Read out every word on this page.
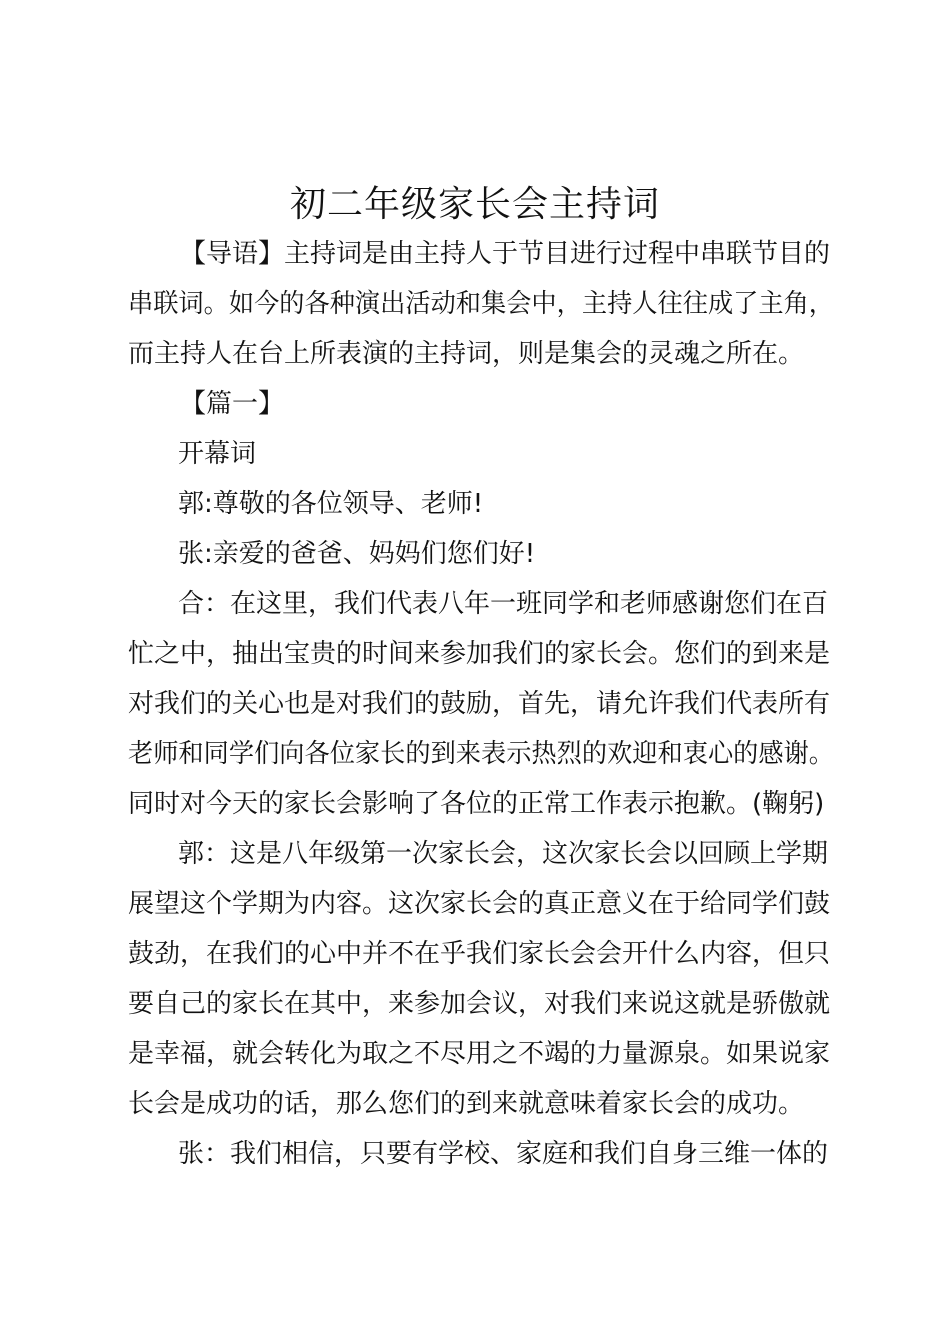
初二年级家长会主持词
【导语】主持词是由主持人于节目进行过程中串联节目的
串联词。如今的各种演出活动和集会中，主持人往往成了主角，
而主持人在台上所表演的主持词，则是集会的灵魂之所在。
【篇一】
开幕词
郭:尊敬的各位领导、老师!
张:亲爱的爸爸、妈妈们您们好!
合：在这里，我们代表八年一班同学和老师感谢您们在百
忙之中，抽出宝贵的时间来参加我们的家长会。您们的到来是
对我们的关心也是对我们的鼓励，首先，请允许我们代表所有
老师和同学们向各位家长的到来表示热烈的欢迎和衷心的感谢。
同时对今天的家长会影响了各位的正常工作表示抱歉。(鞠躬)
郭：这是八年级第一次家长会，这次家长会以回顾上学期
展望这个学期为内容。这次家长会的真正意义在于给同学们鼓
鼓劲，在我们的心中并不在乎我们家长会会开什么内容，但只
要自己的家长在其中，来参加会议，对我们来说这就是骄傲就
是幸福，就会转化为取之不尽用之不竭的力量源泉。如果说家
长会是成功的话，那么您们的到来就意味着家长会的成功。
张：我们相信，只要有学校、家庭和我们自身三维一体的
